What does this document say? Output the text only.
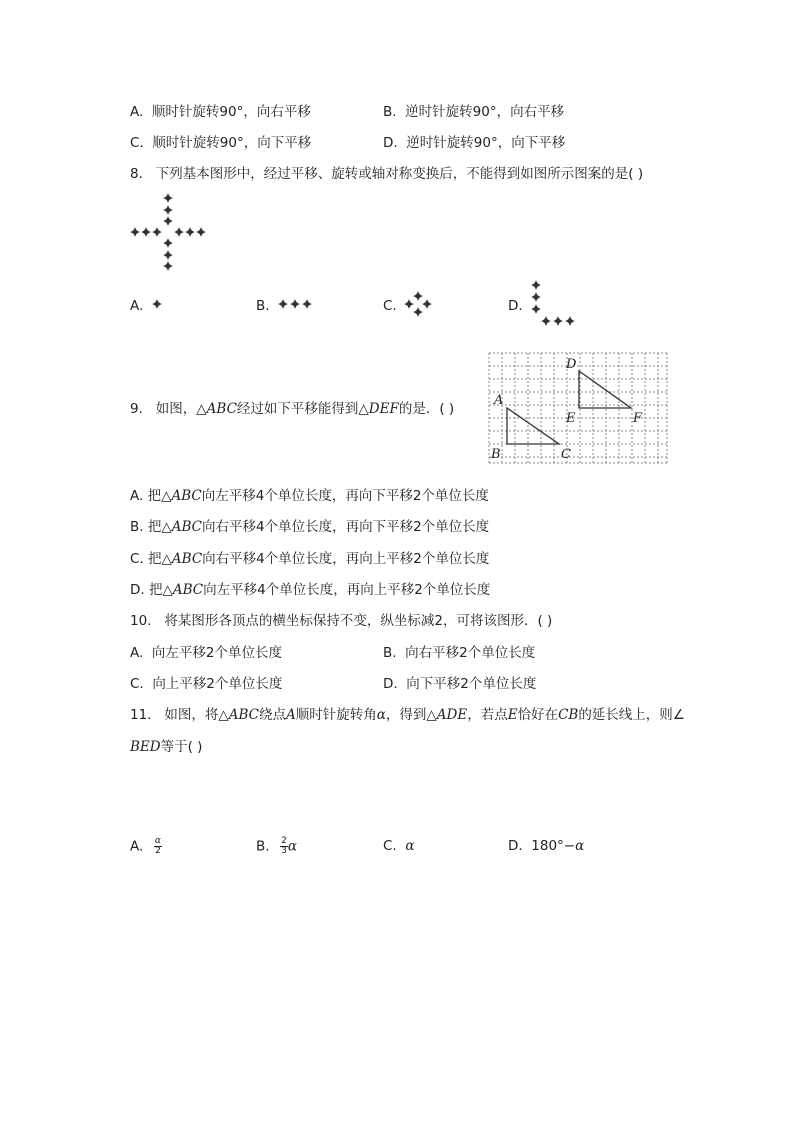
A. 顺时针旋转90°，向右平移	B. 逆时针旋转90°，向右平移
C. 顺时针旋转90°，向下平移	D. 逆时针旋转90°，向下平移
8. 下列基本图形中，经过平移、旋转或轴对称变换后，不能得到如图所示图案的是( )
A.	B.	C.	D.
9. 如图，△ABC经过如下平移能得到△DEF的是．( )
A
B	C
D
E	F
A. 把△ABC向左平移4个单位长度，再向下平移2个单位长度
B. 把△ABC向右平移4个单位长度，再向下平移2个单位长度
C. 把△ABC向右平移4个单位长度，再向上平移2个单位长度
D. 把△ABC向左平移4个单位长度，再向上平移2个单位长度
10. 将某图形各顶点的横坐标保持不变，纵坐标减2，可将该图形．( )
A. 向左平移2个单位长度	B. 向右平移2个单位长度
C. 向上平移2个单位长度	D. 向下平移2个单位长度
11. 如图，将△ABC绕点A顺时针旋转角α，得到△ADE，若点E恰好在CB的延长线上，则∠
BED等于( )
A. $\frac{\alpha}{2}$	B. $\frac{2}{3}$ α	C. α	D. 180°−α
